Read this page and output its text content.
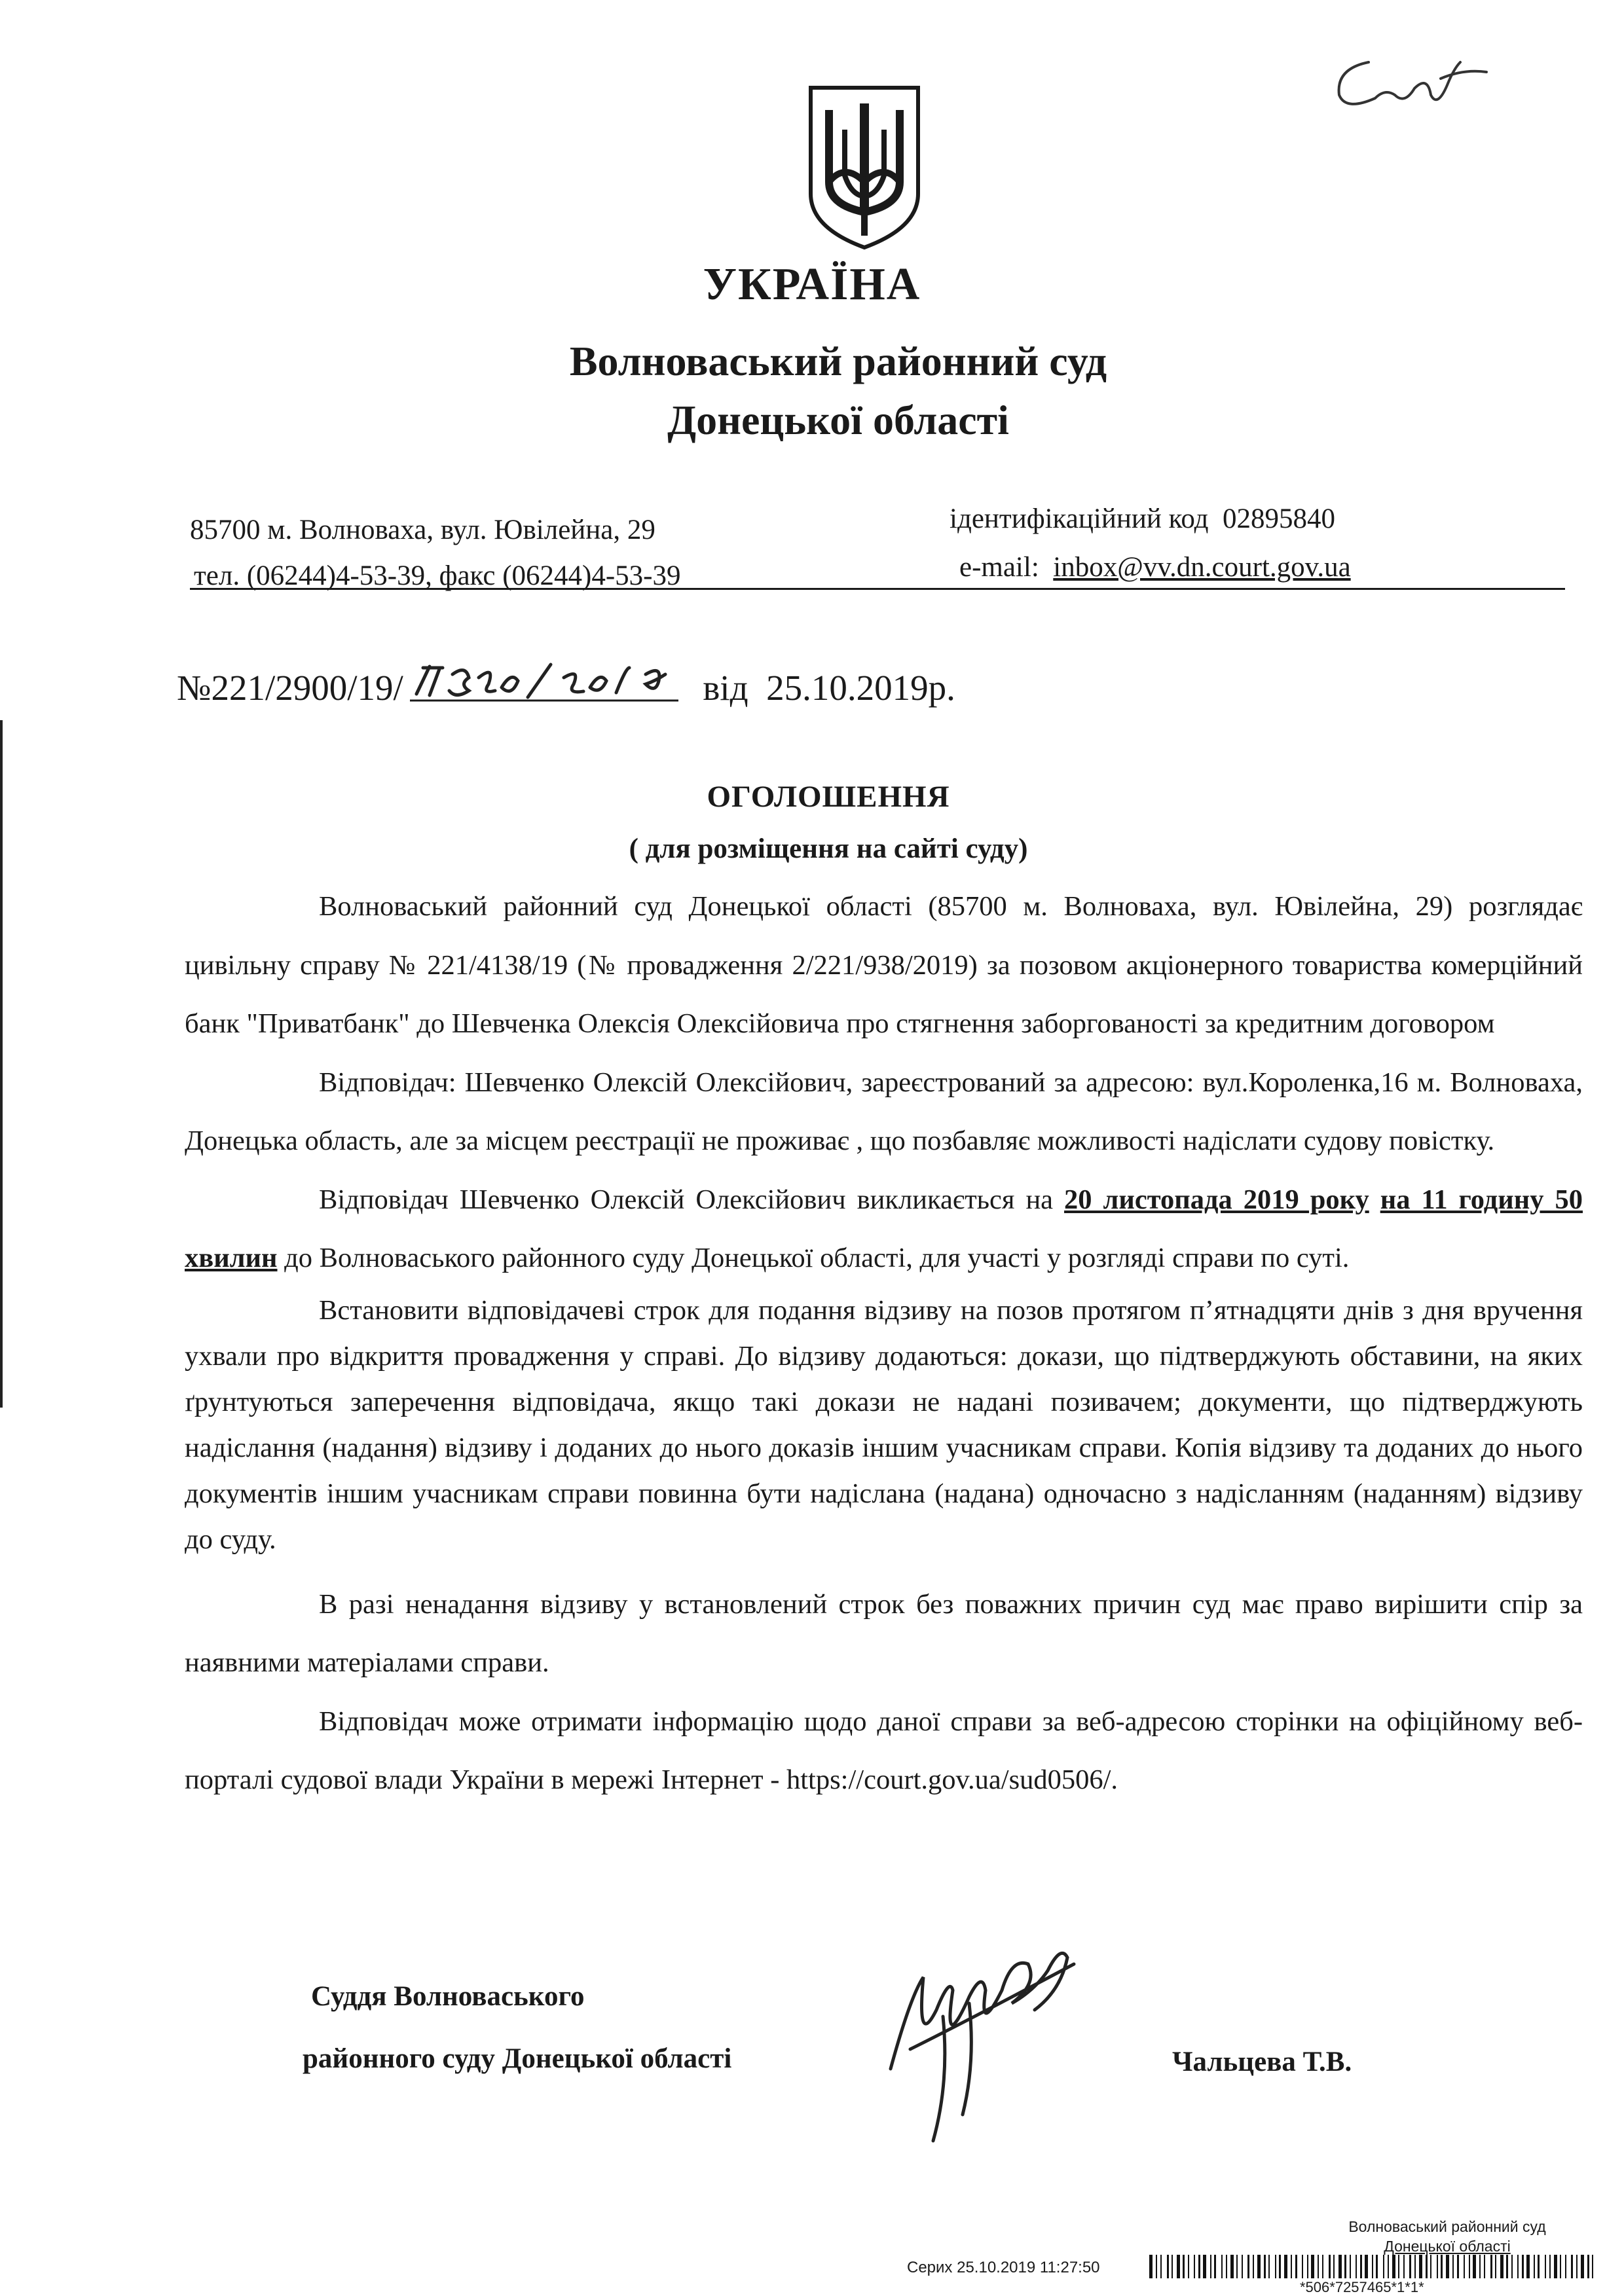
УКРАЇНА
Волноваський районний суд
Донецької області
85700 м. Волноваха, вул. Ювілейна, 29
тел. (06244)4-53-39, факс (06244)4-53-39
ідентифікаційний код 02895840
e-mail: inbox@vv.dn.court.gov.ua
№221/2900/19/	від 25.10.2019р.
ОГОЛОШЕННЯ
( для розміщення на сайті суду)

Волноваський районний суд Донецької області (85700 м. Волноваха, вул. Ювілейна, 29) розглядає цивільну справу № 221/4138/19 (№ провадження 2/221/938/2019) за позовом акціонерного товариства комерційний банк "Приватбанк" до Шевченка Олексія Олексійовича про стягнення заборгованості за кредитним договором

Відповідач: Шевченко Олексій Олексійович, зареєстрований за адресою: вул.Короленка,16 м. Волноваха, Донецька область, але за місцем реєстрації не проживає , що позбавляє можливості надіслати судову повістку.

Відповідач Шевченко Олексій Олексійович викликається на 20 листопада 2019 року на 11 годину 50 хвилин до Волноваського районного суду Донецької області, для участі у розгляді справи по суті.

Встановити відповідачеві строк для подання відзиву на позов протягом п’ятнадцяти днів з дня вручення ухвали про відкриття провадження у справі. До відзиву додаються: докази, що підтверджують обставини, на яких ґрунтуються заперечення відповідача, якщо такі докази не надані позивачем; документи, що підтверджують надіслання (надання) відзиву і доданих до нього доказів іншим учасникам справи. Копія відзиву та доданих до нього документів іншим учасникам справи повинна бути надіслана (надана) одночасно з надісланням (наданням) відзиву до суду.

В разі ненадання відзиву у встановлений строк без поважних причин суд має право вирішити спір за наявними матеріалами справи.

Відповідач може отримати інформацію щодо даної справи за веб-адресою сторінки на офіційному веб-порталі судової влади України в мережі Інтернет - https://court.gov.ua/sud0506/.

Суддя Волноваського
районного суду Донецької області	Чальцева Т.В.
Волноваський районний суд
Донецької області
Серих 25.10.2019 11:27:50
*506*7257465*1*1*
